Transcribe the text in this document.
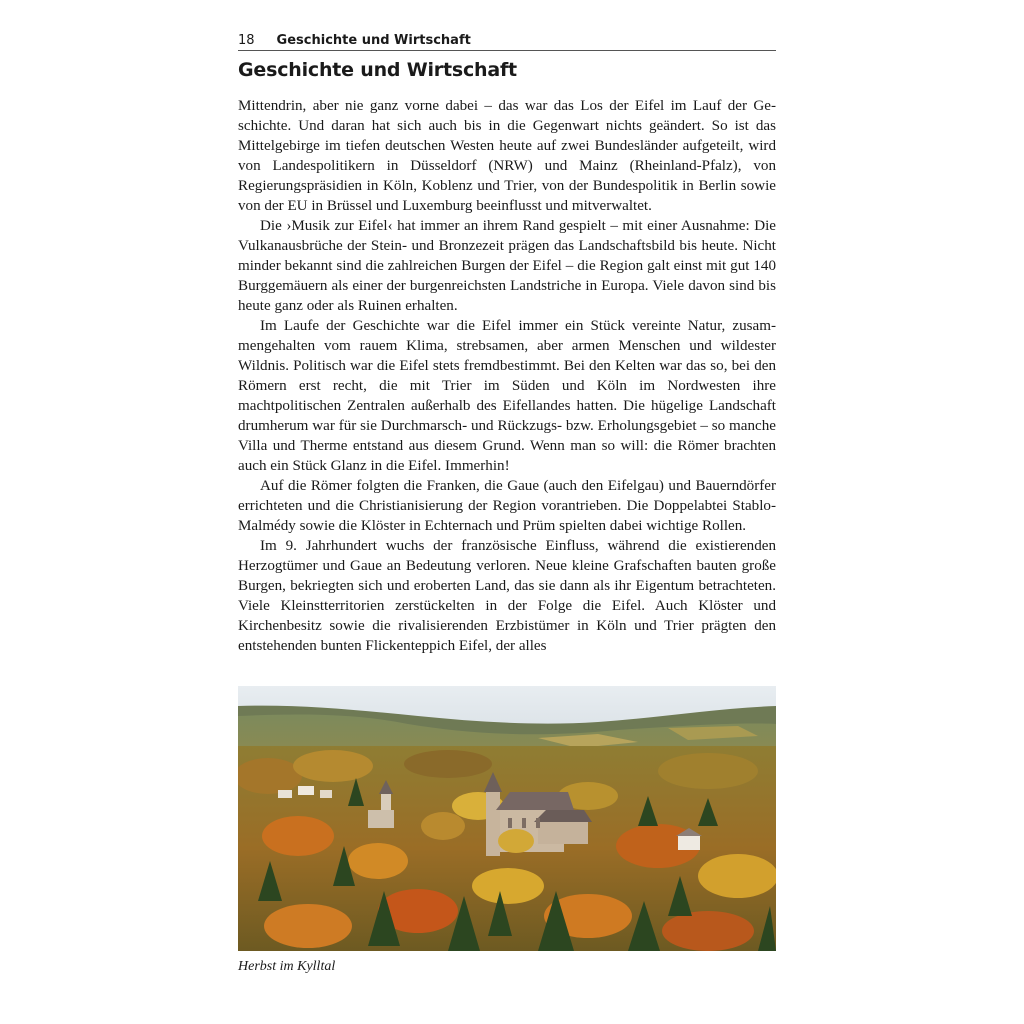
18 Geschichte und Wirtschaft
Geschichte und Wirtschaft

Mittendrin, aber nie ganz vorne dabei – das war das Los der Eifel im Lauf der Geschichte. Und daran hat sich auch bis in die Gegenwart nichts geändert. So ist das Mittelgebirge im tiefen deutschen Westen heute auf zwei Bundesländer aufgeteilt, wird von Landespolitikern in Düsseldorf (NRW) und Mainz (Rheinland-Pfalz), von Regierungspräsidien in Köln, Koblenz und Trier, von der Bundespolitik in Berlin sowie von der EU in Brüssel und Luxemburg beeinflusst und mitverwaltet.

Die ›Musik zur Eifel‹ hat immer an ihrem Rand gespielt – mit einer Ausnahme: Die Vulkanausbrüche der Stein- und Bronzezeit prägen das Landschaftsbild bis heute. Nicht minder bekannt sind die zahlreichen Burgen der Eifel – die Region galt einst mit gut 140 Burggemäuern als einer der burgenreichsten Landstriche in Europa. Viele davon sind bis heute ganz oder als Ruinen erhalten.

Im Laufe der Geschichte war die Eifel immer ein Stück vereinte Natur, zusammengehalten vom rauem Klima, strebsamen, aber armen Menschen und wildester Wildnis. Politisch war die Eifel stets fremdbestimmt. Bei den Kelten war das so, bei den Römern erst recht, die mit Trier im Süden und Köln im Nordwesten ihre machtpolitischen Zentralen außerhalb des Eifellandes hatten. Die hügelige Landschaft drumherum war für sie Durchmarsch- und Rückzugs- bzw. Erholungsgebiet – so manche Villa und Therme entstand aus diesem Grund. Wenn man so will: die Römer brachten auch ein Stück Glanz in die Eifel. Immerhin!

Auf die Römer folgten die Franken, die Gaue (auch den Eifelgau) und Bauerndörfer errichteten und die Christianisierung der Region vorantrieben. Die Doppelabtei Stablo-Malmédy sowie die Klöster in Echternach und Prüm spielten dabei wichtige Rollen.

Im 9. Jahrhundert wuchs der französische Einfluss, während die existierenden Herzogtümer und Gaue an Bedeutung verloren. Neue kleine Grafschaften bauten große Burgen, bekriegten sich und eroberten Land, das sie dann als ihr Eigentum betrachteten. Viele Kleinstterritorien zerstückelten in der Folge die Eifel. Auch Klöster und Kirchenbesitz sowie die rivalisierenden Erzbistümer in Köln und Trier prägten den entstehenden bunten Flickenteppich Eifel, der alles

Herbst im Kylltal
